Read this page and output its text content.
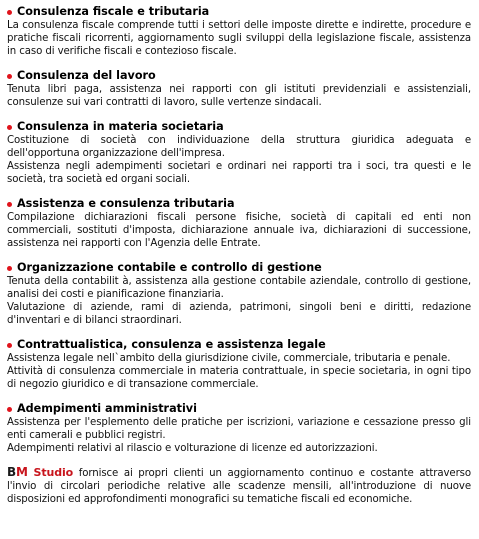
Consulenza fiscale e tributaria
La consulenza fiscale comprende tutti i settori delle imposte dirette e indirette, procedure e pratiche fiscali ricorrenti, aggiornamento sugli sviluppi della legislazione fiscale, assistenza in caso di verifiche fiscali e contezioso fiscale.
Consulenza del lavoro
Tenuta libri paga, assistenza nei rapporti con gli istituti previdenziali e assistenziali, consulenze sui vari contratti di lavoro, sulle vertenze sindacali.
Consulenza in materia societaria
Costituzione di società con individuazione della struttura giuridica adeguata e dell'opportuna organizzazione dell'impresa.
Assistenza negli adempimenti societari e ordinari nei rapporti tra i soci, tra questi e le società, tra società ed organi sociali.
Assistenza e consulenza tributaria
Compilazione dichiarazioni fiscali persone fisiche, società di capitali ed enti non commerciali, sostituti d'imposta, dichiarazione annuale iva, dichiarazioni di successione, assistenza nei rapporti con l'Agenzia delle Entrate.
Organizzazione contabile e controllo di gestione
Tenuta della contabilit à, assistenza alla gestione contabile aziendale, controllo di gestione, analisi dei costi e pianificazione finanziaria.
Valutazione di aziende, rami di azienda, patrimoni, singoli beni e diritti, redazione d'inventari e di bilanci straordinari.
Contrattualistica, consulenza e assistenza legale
Assistenza legale nell`ambito della giurisdizione civile, commerciale, tributaria e penale.
Attività di consulenza commerciale in materia contrattuale, in specie societaria, in ogni tipo di negozio giuridico e di transazione commerciale.
Adempimenti amministrativi
Assistenza per l'esplemento delle pratiche per iscrizioni, variazione e cessazione presso gli enti camerali e pubblici registri.
Adempimenti relativi al rilascio e volturazione di licenze ed autorizzazioni.
BM Studio fornisce ai propri clienti un aggiornamento continuo e costante attraverso l'invio di circolari periodiche relative alle scadenze mensili, all'introduzione di nuove disposizioni ed approfondimenti monografici su tematiche fiscali ed economiche.
